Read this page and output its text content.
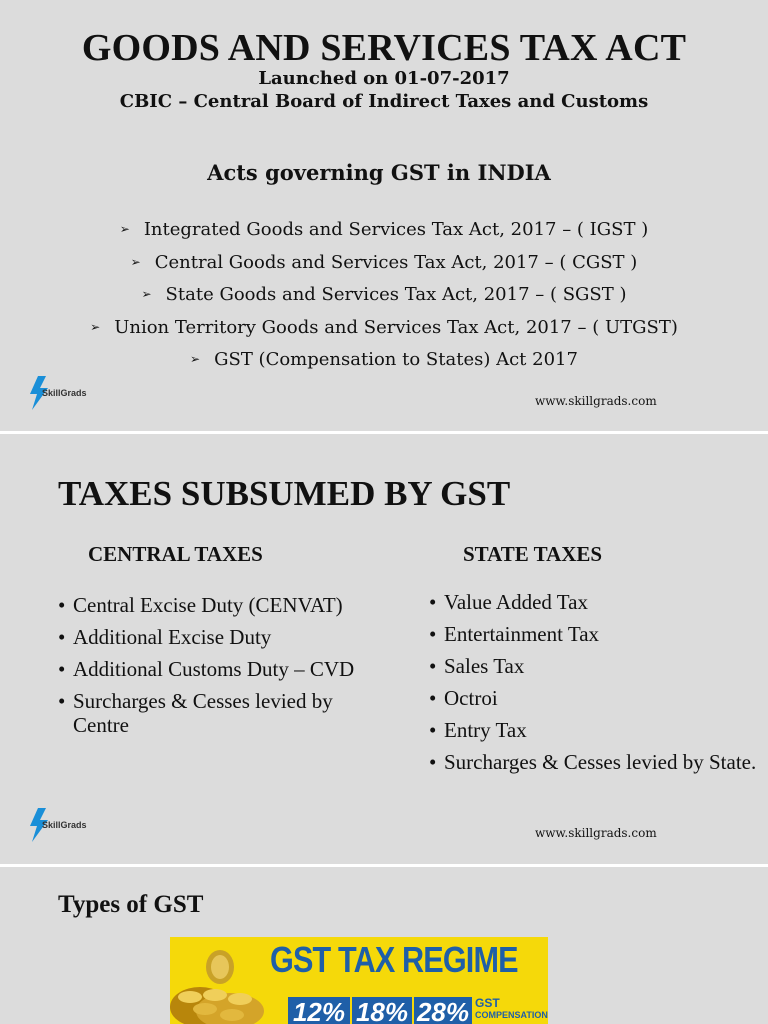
GOODS AND SERVICES TAX ACT
Launched on 01-07-2017
CBIC – Central Board of Indirect Taxes and Customs
Acts governing GST in INDIA
➢ Integrated Goods and Services Tax Act, 2017 – ( IGST )
➢ Central Goods and Services Tax Act, 2017 – ( CGST )
➢ State Goods and Services Tax Act, 2017 – ( SGST )
➢ Union Territory Goods and Services Tax Act, 2017 – ( UTGST)
➢ GST (Compensation to States) Act 2017
SkillGrads
www.skillgrads.com
TAXES SUBSUMED BY GST
CENTRAL TAXES
• Central Excise Duty (CENVAT)
• Additional Excise Duty
• Additional Customs Duty – CVD
• Surcharges & Cesses levied by Centre
STATE TAXES
• Value Added Tax
• Entertainment Tax
• Sales Tax
• Octroi
• Entry Tax
• Surcharges & Cesses levied by State.
SkillGrads
www.skillgrads.com
Types of GST
GST TAX REGIME
12% 18% 28% GST
COMPENSATION
